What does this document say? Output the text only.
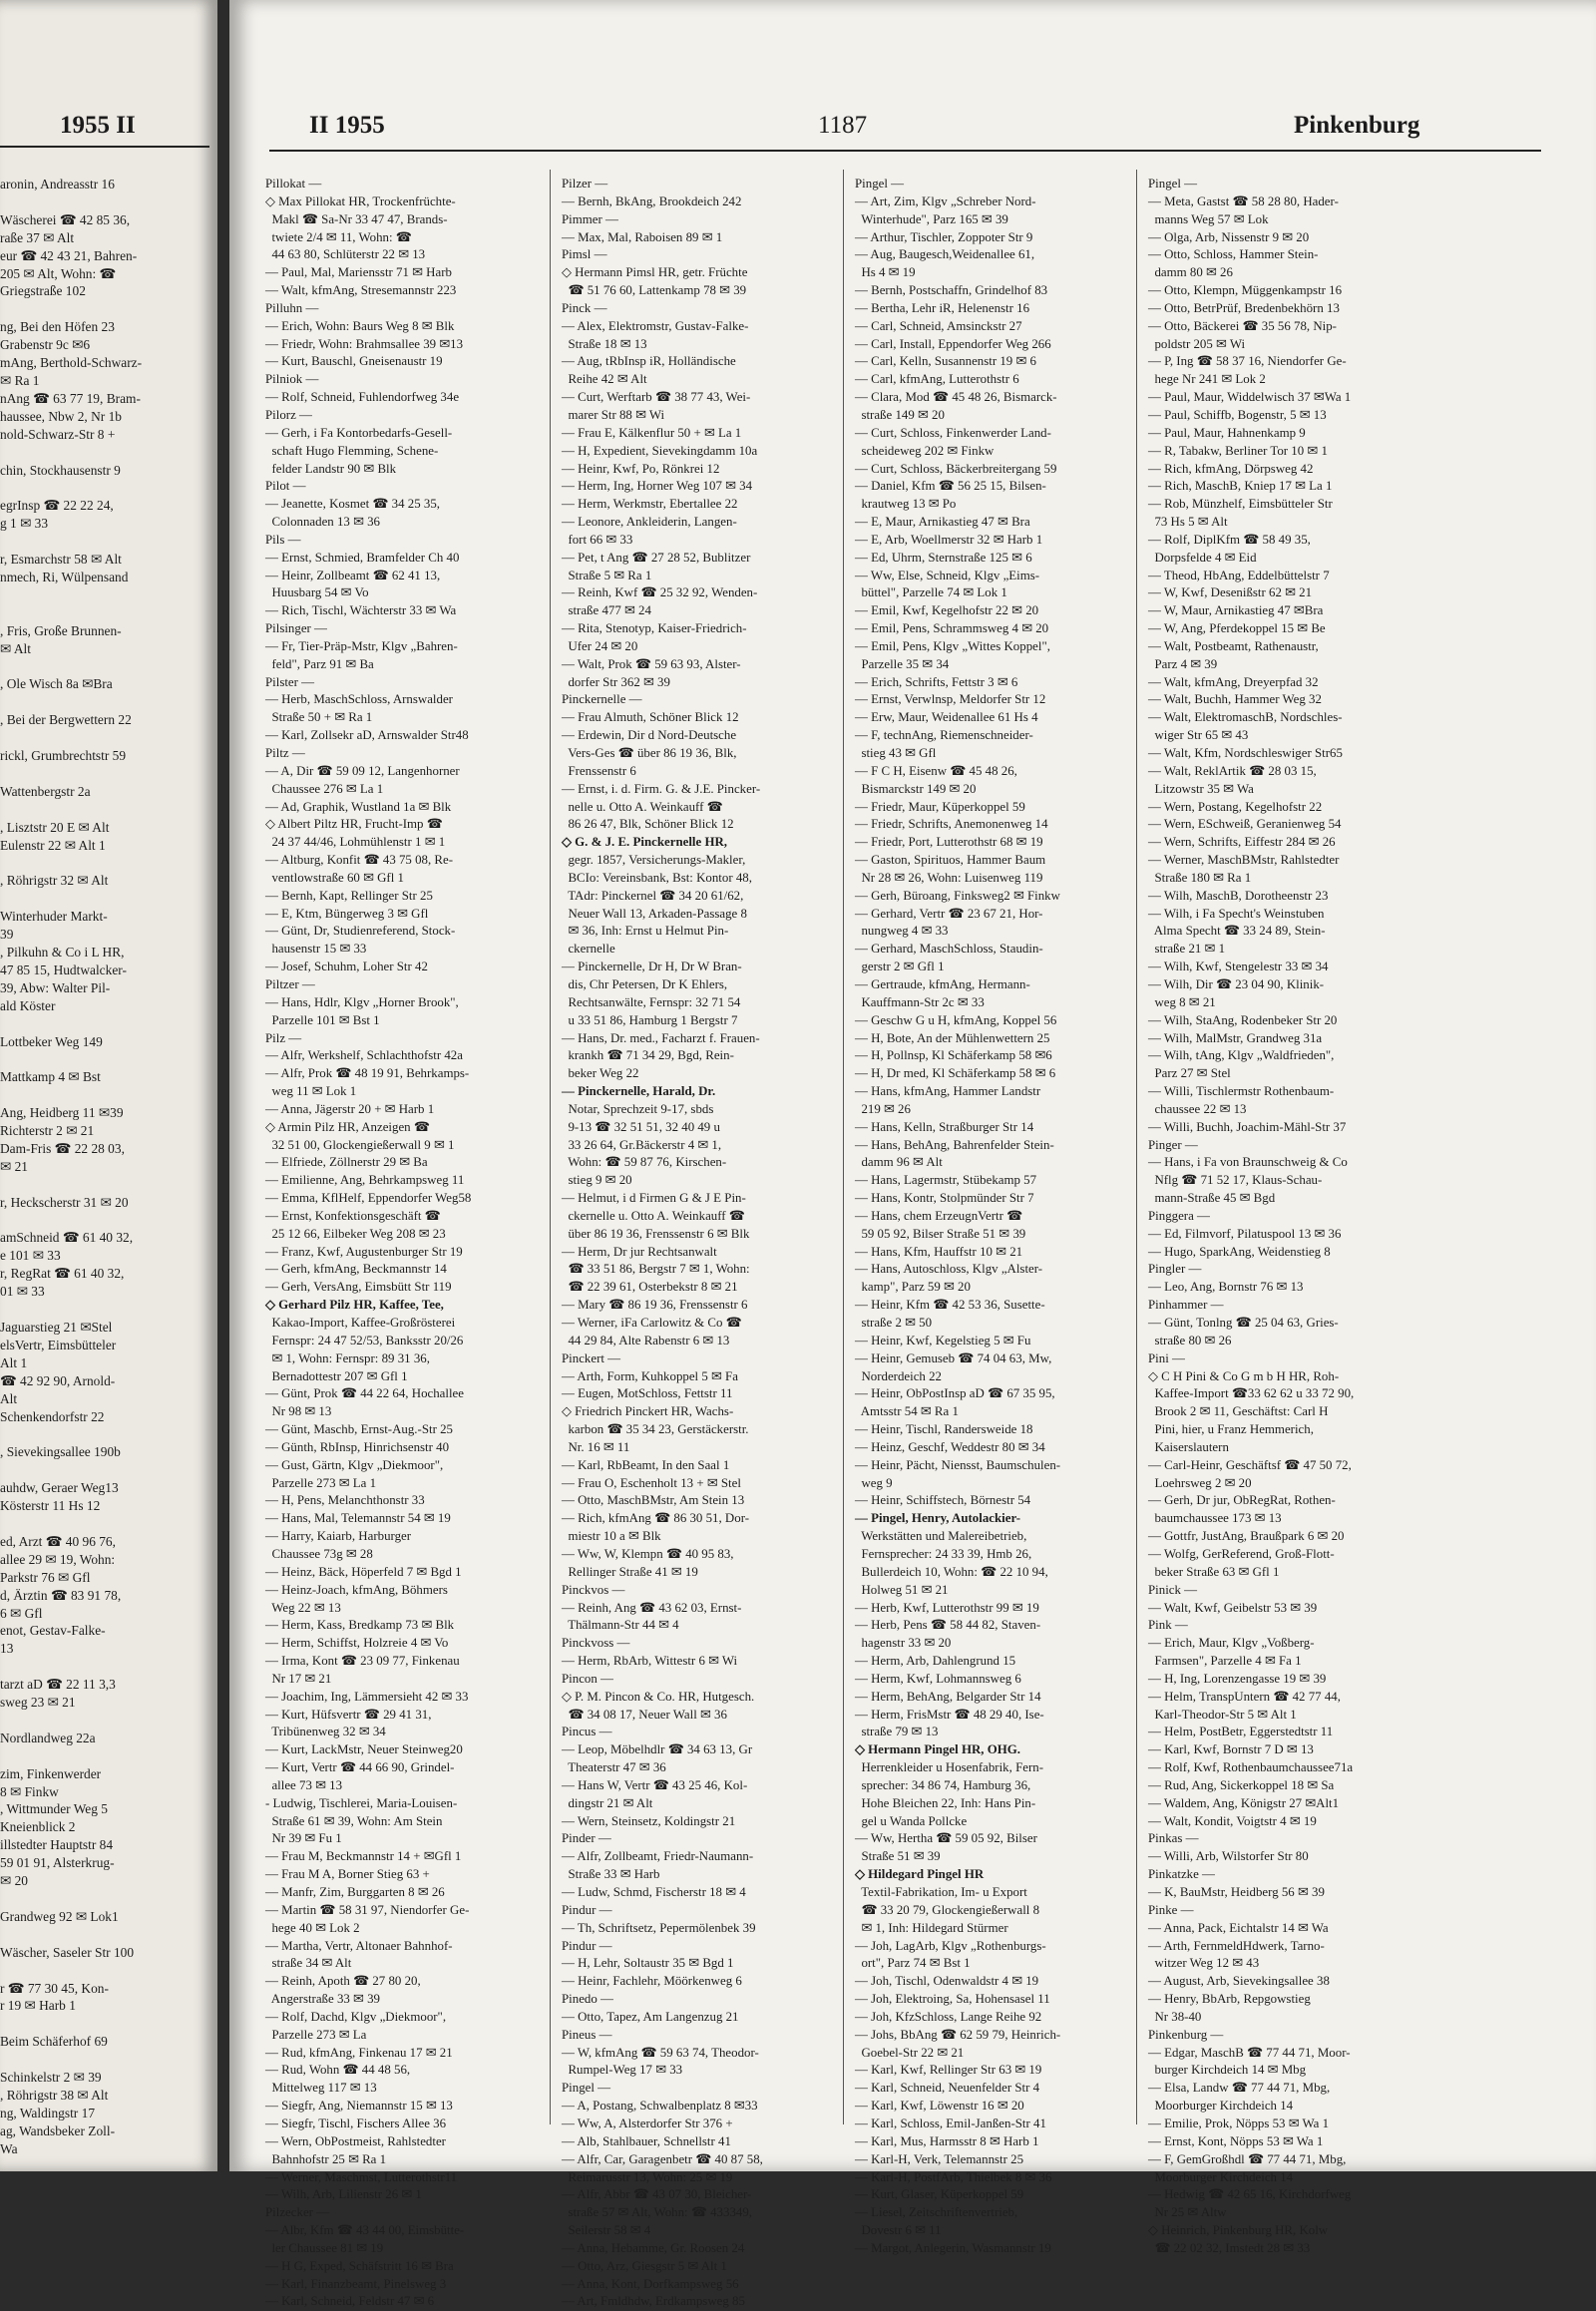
1955 II
aronin, Andreasstr 16

Wäscherei ☎ 42 85 36,
raße 37 ✉ Alt
eur ☎ 42 43 21, Bahren-
205 ✉ Alt, Wohn: ☎
Griegstraße 102

ng, Bei den Höfen 23
Grabenstr 9c ✉6
mAng, Berthold-Schwarz-
✉ Ra 1
nAng ☎ 63 77 19, Bram-
haussee, Nbw 2, Nr 1b
nold-Schwarz-Str 8 +

chin, Stockhausenstr 9

egrInsp ☎ 22 22 24,
g 1 ✉ 33

r, Esmarchstr 58 ✉ Alt
nmech, Ri, Wülpensand

, Fris, Große Brunnen-
✉ Alt

, Ole Wisch 8a ✉Bra

, Bei der Bergwettern 22

rickl, Grumbrechtstr 59

Wattenbergstr 2a

, Lisztstr 20 E ✉ Alt
Eulenstr 22 ✉ Alt 1

, Röhrigstr 32 ✉ Alt

Winterhuder Markt-
39
, Pilkuhn & Co i L HR,
47 85 15, Hudtwalcker-
39, Abw: Walter Pil-
ald Köster

Lottbeker Weg 149

Mattkamp 4 ✉ Bst

Ang, Heidberg 11 ✉39
Richterstr 2 ✉ 21
Dam-Fris ☎ 22 28 03,
✉ 21

r, Heckscherstr 31 ✉ 20

amSchneid ☎ 61 40 32,
e 101 ✉ 33
r, RegRat ☎ 61 40 32,
01 ✉ 33

Jaguarstieg 21 ✉Stel
elsVertr, Eimsbütteler
Alt 1
☎ 42 92 90, Arnold-
Alt
Schenkendorfstr 22

, Sievekingsallee 190b

auhdw, Geraer Weg13
Kösterstr 11 Hs 12

ed, Arzt ☎ 40 96 76,
allee 29 ✉ 19, Wohn:
Parkstr 76 ✉ Gfl
d, Ärztin ☎ 83 91 78,
6 ✉ Gfl
enot, Gestav-Falke-
13

tarzt aD ☎ 22 11 3,3
sweg 23 ✉ 21

Nordlandweg 22a

zim, Finkenwerder
8 ✉ Finkw
, Wittmunder Weg 5
Kneienblick 2
illstedter Hauptstr 84
59 01 91, Alsterkrug-
✉ 20

Grandweg 92 ✉ Lok1

Wäscher, Saseler Str 100

r ☎ 77 30 45, Kon-
r 19 ✉ Harb 1

Beim Schäferhof 69

Schinkelstr 2 ✉ 39
, Röhrigstr 38 ✉ Alt
ng, Waldingstr 17
ag, Wandsbeker Zoll-
Wa
II 1955	1187	Pinkenburg
Pillokat —
◇ Max Pillokat HR, Trockenfrüchte-
Makl ☎ Sa-Nr 33 47 47, Brands-
twiete 2/4 ✉ 11, Wohn: ☎
44 63 80, Schlüterstr 22 ✉ 13
— Paul, Mal, Mariensstr 71 ✉ Harb
— Walt, kfmAng, Stresemannstr 223
Pilluhn —
— Erich, Wohn: Baurs Weg 8 ✉ Blk
— Friedr, Wohn: Brahmsallee 39 ✉13
— Kurt, Bauschl, Gneisenaustr 19
Pilniok —
— Rolf, Schneid, Fuhlendorfweg 34e
Pilorz —
— Gerh, i Fa Kontorbedarfs-Gesell-
schaft Hugo Flemming, Schene-
felder Landstr 90 ✉ Blk
Pilot —
— Jeanette, Kosmet ☎ 34 25 35,
Colonnaden 13 ✉ 36
Pils —
— Ernst, Schmied, Bramfelder Ch 40
— Heinr, Zollbeamt ☎ 62 41 13,
Huusbarg 54 ✉ Vo
— Rich, Tischl, Wächterstr 33 ✉ Wa
Pilsinger —
— Fr, Tier-Präp-Mstr, Klgv „Bahren-
feld", Parz 91 ✉ Ba
Pilster —
— Herb, MaschSchloss, Arnswalder
Straße 50 + ✉ Ra 1
— Karl, Zollsekr aD, Arnswalder Str48
Piltz —
— A, Dir ☎ 59 09 12, Langenhorner
Chaussee 276 ✉ La 1
— Ad, Graphik, Wustland 1a ✉ Blk
◇ Albert Piltz HR, Frucht-Imp ☎
24 37 44/46, Lohmühlenstr 1 ✉ 1
— Altburg, Konfit ☎ 43 75 08, Re-
ventlowstraße 60 ✉ Gfl 1
— Bernh, Kapt, Rellinger Str 25
— E, Ktm, Büngerweg 3 ✉ Gfl
— Günt, Dr, Studienreferend, Stock-
hausenstr 15 ✉ 33
— Josef, Schuhm, Loher Str 42
Piltzer —
— Hans, Hdlr, Klgv „Horner Brook",
Parzelle 101 ✉ Bst 1
Pilz —
— Alfr, Werkshelf, Schlachthofstr 42a
— Alfr, Prok ☎ 48 19 91, Behrkamps-
weg 11 ✉ Lok 1
— Anna, Jägerstr 20 + ✉ Harb 1
◇ Armin Pilz HR, Anzeigen ☎
32 51 00, Glockengießerwall 9 ✉ 1
— Elfriede, Zöllnerstr 29 ✉ Ba
— Emilienne, Ang, Behrkampsweg 11
— Emma, KflHelf, Eppendorfer Weg58
— Ernst, Konfektionsgeschäft ☎
25 12 66, Eilbeker Weg 208 ✉ 23
— Franz, Kwf, Augustenburger Str 19
— Gerh, kfmAng, Beckmannstr 14
— Gerh, VersAng, Eimsbütt Str 119
◇ Gerhard Pilz HR, Kaffee, Tee,
Kakao-Import, Kaffee-Großrösterei
Fernspr: 24 47 52/53, Banksstr 20/26
✉ 1, Wohn: Fernspr: 89 31 36,
Bernadottestr 207 ✉ Gfl 1
— Günt, Prok ☎ 44 22 64, Hochallee
Nr 98 ✉ 13
— Günt, Maschb, Ernst-Aug.-Str 25
— Günth, RbInsp, Hinrichsenstr 40
— Gust, Gärtn, Klgv „Diekmoor",
Parzelle 273 ✉ La 1
— H, Pens, Melanchthonstr 33
— Hans, Mal, Telemannstr 54 ✉ 19
— Harry, Kaiarb, Harburger
Chaussee 73g ✉ 28
— Heinz, Bäck, Höperfeld 7 ✉ Bgd 1
— Heinz-Joach, kfmAng, Böhmers
Weg 22 ✉ 13
— Herm, Kass, Bredkamp 73 ✉ Blk
— Herm, Schiffst, Holzreie 4 ✉ Vo
— Irma, Kont ☎ 23 09 77, Finkenau
Nr 17 ✉ 21
— Joachim, Ing, Lämmersieht 42 ✉ 33
— Kurt, Hüfsvertr ☎ 29 41 31,
Tribünenweg 32 ✉ 34
— Kurt, LackMstr, Neuer Steinweg20
— Kurt, Vertr ☎ 44 66 90, Grindel-
allee 73 ✉ 13
- Ludwig, Tischlerei, Maria-Louisen-
Straße 61 ✉ 39, Wohn: Am Stein
Nr 39 ✉ Fu 1
— Frau M, Beckmannstr 14 + ✉Gfl 1
— Frau M A, Borner Stieg 63 +
— Manfr, Zim, Burggarten 8 ✉ 26
— Martin ☎ 58 31 97, Niendorfer Ge-
hege 40 ✉ Lok 2
— Martha, Vertr, Altonaer Bahnhof-
straße 34 ✉ Alt
— Reinh, Apoth ☎ 27 80 20,
Angerstraße 33 ✉ 39
— Rolf, Dachd, Klgv „Diekmoor",
Parzelle 273 ✉ La
— Rud, kfmAng, Finkenau 17 ✉ 21
— Rud, Wohn ☎ 44 48 56,
Mittelweg 117 ✉ 13
— Siegfr, Ang, Niemannstr 15 ✉ 13
— Siegfr, Tischl, Fischers Allee 36
— Wern, ObPostmeist, Rahlstedter
Bahnhofstr 25 ✉ Ra 1
— Werner, Maschmst, Lutterothstr11
— Wilh, Arb, Lilienstr 26 ✉ 1
Pilzecker —
— Albr, Kfm ☎ 43 44 00, Eimsbütte-
ler Chaussee 81 ✉ 19
— H G, Exped, Schäfstritt 16 ✉ Bra
— Karl, Finanzbeamt, Pinelsweg 3
— Karl, Schneid, Feldstr 47 ✉ 6
Pilzer —
— Bernh, BkAng, Brookdeich 242
Pimmer —
— Max, Mal, Raboisen 89 ✉ 1
Pimsl —
◇ Hermann Pimsl HR, getr. Früchte
☎ 51 76 60, Lattenkamp 78 ✉ 39
Pinck —
— Alex, Elektromstr, Gustav-Falke-
Straße 18 ✉ 13
— Aug, tRbInsp iR, Holländische
Reihe 42 ✉ Alt
— Curt, Werftarb ☎ 38 77 43, Wei-
marer Str 88 ✉ Wi
— Frau E, Kälkenflur 50 + ✉ La 1
— H, Expedient, Sievekingdamm 10a
— Heinr, Kwf, Po, Rönkrei 12
— Herm, Ing, Horner Weg 107 ✉ 34
— Herm, Werkmstr, Ebertallee 22
— Leonore, Ankleiderin, Langen-
fort 66 ✉ 33
— Pet, t Ang ☎ 27 28 52, Bublitzer
Straße 5 ✉ Ra 1
— Reinh, Kwf ☎ 25 32 92, Wenden-
straße 477 ✉ 24
— Rita, Stenotyp, Kaiser-Friedrich-
Ufer 24 ✉ 20
— Walt, Prok ☎ 59 63 93, Alster-
dorfer Str 362 ✉ 39
Pinckernelle —
— Frau Almuth, Schöner Blick 12
— Erdewin, Dir d Nord-Deutsche
Vers-Ges ☎ über 86 19 36, Blk,
Frenssenstr 6
— Ernst, i. d. Firm. G. & J.E. Pincker-
nelle u. Otto A. Weinkauff ☎
86 26 47, Blk, Schöner Blick 12
◇ G. & J. E. Pinckernelle HR,
gegr. 1857, Versicherungs-Makler,
BCIo: Vereinsbank, Bst: Kontor 48,
TAdr: Pinckernel ☎ 34 20 61/62,
Neuer Wall 13, Arkaden-Passage 8
✉ 36, Inh: Ernst u Helmut Pin-
ckernelle
— Pinckernelle, Dr H, Dr W Bran-
dis, Chr Petersen, Dr K Ehlers,
Rechtsanwälte, Fernspr: 32 71 54
u 33 51 86, Hamburg 1 Bergstr 7
— Hans, Dr. med., Facharzt f. Frauen-
krankh ☎ 71 34 29, Bgd, Rein-
beker Weg 22
— Pinckernelle, Harald, Dr.
Notar, Sprechzeit 9-17, sbds
9-13 ☎ 32 51 51, 32 40 49 u
33 26 64, Gr.Bäckerstr 4 ✉ 1,
Wohn: ☎ 59 87 76, Kirschen-
stieg 9 ✉ 20
— Helmut, i d Firmen G & J E Pin-
ckernelle u. Otto A. Weinkauff ☎
über 86 19 36, Frenssenstr 6 ✉ Blk
— Herm, Dr jur Rechtsanwalt
☎ 33 51 86, Bergstr 7 ✉ 1, Wohn:
☎ 22 39 61, Osterbekstr 8 ✉ 21
— Mary ☎ 86 19 36, Frenssenstr 6
— Werner, iFa Carlowitz & Co ☎
44 29 84, Alte Rabenstr 6 ✉ 13
Pinckert —
— Arth, Form, Kuhkoppel 5 ✉ Fa
— Eugen, MotSchloss, Fettstr 11
◇ Friedrich Pinckert HR, Wachs-
karbon ☎ 35 34 23, Gerstäckerstr.
Nr. 16 ✉ 11
— Karl, RbBeamt, In den Saal 1
— Frau O, Eschenholt 13 + ✉ Stel
— Otto, MaschBMstr, Am Stein 13
— Rich, kfmAng ☎ 86 30 51, Dor-
miestr 10 a ✉ Blk
— Ww, W, Klempn ☎ 40 95 83,
Rellinger Straße 41 ✉ 19
Pinckvos —
— Reinh, Ang ☎ 43 62 03, Ernst-
Thälmann-Str 44 ✉ 4
Pinckvoss —
— Herm, RbArb, Wittestr 6 ✉ Wi
Pincon —
◇ P. M. Pincon & Co. HR, Hutgesch.
☎ 34 08 17, Neuer Wall ✉ 36
Pincus —
— Leop, Möbelhdlr ☎ 34 63 13, Gr
Theaterstr 47 ✉ 36
— Hans W, Vertr ☎ 43 25 46, Kol-
dingstr 21 ✉ Alt
— Wern, Steinsetz, Koldingstr 21
Pinder —
— Alfr, Zollbeamt, Friedr-Naumann-
Straße 33 ✉ Harb
— Ludw, Schmd, Fischerstr 18 ✉ 4
Pindur —
— Th, Schriftsetz, Pepermölenbek 39
Pindur —
— H, Lehr, Soltaustr 35 ✉ Bgd 1
— Heinr, Fachlehr, Möörkenweg 6
Pinedo —
— Otto, Tapez, Am Langenzug 21
Pineus —
— W, kfmAng ☎ 59 63 74, Theodor-
Rumpel-Weg 17 ✉ 33
Pingel —
— A, Postang, Schwalbenplatz 8 ✉33
— Ww, A, Alsterdorfer Str 376 +
— Alb, Stahlbauer, Schnellstr 41
— Alfr, Car, Garagenbetr ☎ 40 87 58,
Reimarusstr 13, Wohn: 25 ✉ 19
— Alfr, Abbr ☎ 43 07 30, Bleicher-
straße 57 ✉ Alt, Wohn: ☎ 433349,
Seilerstr 58 ✉ 4
— Anna, Hebamme, Gr. Roosen 24
— Otto, Arz, Giesgstr 5 ✉ Alt 1
— Anna, Kont, Dorfkampsweg 56
— Art, Fmldhdw, Erdkampsweg 85
Pingel —
— Art, Zim, Klgv „Schreber Nord-
Winterhude", Parz 165 ✉ 39
— Arthur, Tischler, Zoppoter Str 9
— Aug, Baugesch,Weidenallee 61,
Hs 4 ✉ 19
— Bernh, Postschaffn, Grindelhof 83
— Bertha, Lehr iR, Helenenstr 16
— Carl, Schneid, Amsinckstr 27
— Carl, Install, Eppendorfer Weg 266
— Carl, Kelln, Susannenstr 19 ✉ 6
— Carl, kfmAng, Lutterothstr 6
— Clara, Mod ☎ 45 48 26, Bismarck-
straße 149 ✉ 20
— Curt, Schloss, Finkenwerder Land-
scheideweg 202 ✉ Finkw
— Curt, Schloss, Bäckerbreitergang 59
— Daniel, Kfm ☎ 56 25 15, Bilsen-
krautweg 13 ✉ Po
— E, Maur, Arnikastieg 47 ✉ Bra
— E, Arb, Woellmerstr 32 ✉ Harb 1
— Ed, Uhrm, Sternstraße 125 ✉ 6
— Ww, Else, Schneid, Klgv „Eims-
büttel", Parzelle 74 ✉ Lok 1
— Emil, Kwf, Kegelhofstr 22 ✉ 20
— Emil, Pens, Schrammsweg 4 ✉ 20
— Emil, Pens, Klgv „Wittes Koppel",
Parzelle 35 ✉ 34
— Erich, Schrifts, Fettstr 3 ✉ 6
— Ernst, Verwlnsp, Meldorfer Str 12
— Erw, Maur, Weidenallee 61 Hs 4
— F, technAng, Riemenschneider-
stieg 43 ✉ Gfl
— F C H, Eisenw ☎ 45 48 26,
Bismarckstr 149 ✉ 20
— Friedr, Maur, Küperkoppel 59
— Friedr, Schrifts, Anemonenweg 14
— Friedr, Port, Lutterothstr 68 ✉ 19
— Gaston, Spirituos, Hammer Baum
Nr 28 ✉ 26, Wohn: Luisenweg 119
— Gerh, Büroang, Finksweg2 ✉ Finkw
— Gerhard, Vertr ☎ 23 67 21, Hor-
nungweg 4 ✉ 33
— Gerhard, MaschSchloss, Staudin-
gerstr 2 ✉ Gfl 1
— Gertraude, kfmAng, Hermann-
Kauffmann-Str 2c ✉ 33
— Geschw G u H, kfmAng, Koppel 56
— H, Bote, An der Mühlenwettern 25
— H, Pollnsp, Kl Schäferkamp 58 ✉6
— H, Dr med, Kl Schäferkamp 58 ✉ 6
— Hans, kfmAng, Hammer Landstr
219 ✉ 26
— Hans, Kelln, Straßburger Str 14
— Hans, BehAng, Bahrenfelder Stein-
damm 96 ✉ Alt
— Hans, Lagermstr, Stübekamp 57
— Hans, Kontr, Stolpmünder Str 7
— Hans, chem ErzeugnVertr ☎
59 05 92, Bilser Straße 51 ✉ 39
— Hans, Kfm, Hauffstr 10 ✉ 21
— Hans, Autoschloss, Klgv „Alster-
kamp", Parz 59 ✉ 20
— Heinr, Kfm ☎ 42 53 36, Susette-
straße 2 ✉ 50
— Heinr, Kwf, Kegelstieg 5 ✉ Fu
— Heinr, Gemuseb ☎ 74 04 63, Mw,
Norderdeich 22
— Heinr, ObPostInsp aD ☎ 67 35 95,
Amtsstr 54 ✉ Ra 1
— Heinr, Tischl, Randersweide 18
— Heinz, Geschf, Weddestr 80 ✉ 34
— Heinr, Pächt, Niensst, Baumschulen-
weg 9
— Heinr, Schiffstech, Börnestr 54
— Pingel, Henry, Autolackier-
Werkstätten und Malereibetrieb,
Fernsprecher: 24 33 39, Hmb 26,
Bullerdeich 10, Wohn: ☎ 22 10 94,
Holweg 51 ✉ 21
— Herb, Kwf, Lutterothstr 99 ✉ 19
— Herb, Pens ☎ 58 44 82, Staven-
hagenstr 33 ✉ 20
— Herm, Arb, Dahlengrund 15
— Herm, Kwf, Lohmannsweg 6
— Herm, BehAng, Belgarder Str 14
— Herm, FrisMstr ☎ 48 29 40, Ise-
straße 79 ✉ 13
◇ Hermann Pingel HR, OHG.
Herrenkleider u Hosenfabrik, Fern-
sprecher: 34 86 74, Hamburg 36,
Hohe Bleichen 22, Inh: Hans Pin-
gel u Wanda Pollcke
— Ww, Hertha ☎ 59 05 92, Bilser
Straße 51 ✉ 39
◇ Hildegard Pingel HR
Textil-Fabrikation, Im- u Export
☎ 33 20 79, Glockengießerwall 8
✉ 1, Inh: Hildegard Stürmer
— Joh, LagArb, Klgv „Rothenburgs-
ort", Parz 74 ✉ Bst 1
— Joh, Tischl, Odenwaldstr 4 ✉ 19
— Joh, Elektroing, Sa, Hohensasel 11
— Joh, KfzSchloss, Lange Reihe 92
— Johs, BbAng ☎ 62 59 79, Heinrich-
Goebel-Str 22 ✉ 21
— Karl, Kwf, Rellinger Str 63 ✉ 19
— Karl, Schneid, Neuenfelder Str 4
— Karl, Kwf, Löwenstr 16 ✉ 20
— Karl, Schloss, Emil-Janßen-Str 41
— Karl, Mus, Harmsstr 8 ✉ Harb 1
— Karl-H, Verk, Telemannstr 25
— Karl-H, PostfArb, Thielbek 8 ✉ 36
— Kurt, Glaser, Küperkoppel 59
— Liesel, Zeitschriftenvertrieb,
Dovestr 6 ✉ 11
— Margot, Anlegerin, Wasmannstr 19
Pingel —
— Meta, Gastst ☎ 58 28 80, Hader-
manns Weg 57 ✉ Lok
— Olga, Arb, Nissenstr 9 ✉ 20
— Otto, Schloss, Hammer Stein-
damm 80 ✉ 26
— Otto, Klempn, Müggenkampstr 16
— Otto, BetrPrüf, Bredenbekhörn 13
— Otto, Bäckerei ☎ 35 56 78, Nip-
poldstr 205 ✉ Wi
— P, Ing ☎ 58 37 16, Niendorfer Ge-
hege Nr 241 ✉ Lok 2
— Paul, Maur, Widdelwisch 37 ✉Wa 1
— Paul, Schiffb, Bogenstr, 5 ✉ 13
— Paul, Maur, Hahnenkamp 9
— R, Tabakw, Berliner Tor 10 ✉ 1
— Rich, kfmAng, Dörpsweg 42
— Rich, MaschB, Kniep 17 ✉ La 1
— Rob, Münzhelf, Eimsbütteler Str
73 Hs 5 ✉ Alt
— Rolf, DiplKfm ☎ 58 49 35,
Dorpsfelde 4 ✉ Eid
— Theod, HbAng, Eddelbüttelstr 7
— W, Kwf, Desenißstr 62 ✉ 21
— W, Maur, Arnikastieg 47 ✉Bra
— W, Ang, Pferdekoppel 15 ✉ Be
— Walt, Postbeamt, Rathenaustr,
Parz 4 ✉ 39
— Walt, kfmAng, Dreyerpfad 32
— Walt, Buchh, Hammer Weg 32
— Walt, ElektromaschB, Nordschles-
wiger Str 65 ✉ 43
— Walt, Kfm, Nordschleswiger Str65
— Walt, ReklArtik ☎ 28 03 15,
Litzowstr 35 ✉ Wa
— Wern, Postang, Kegelhofstr 22
— Wern, ESchweiß, Geranienweg 54
— Wern, Schrifts, Eiffestr 284 ✉ 26
— Werner, MaschBMstr, Rahlstedter
Straße 180 ✉ Ra 1
— Wilh, MaschB, Dorotheenstr 23
— Wilh, i Fa Specht's Weinstuben
Alma Specht ☎ 33 24 89, Stein-
straße 21 ✉ 1
— Wilh, Kwf, Stengelestr 33 ✉ 34
— Wilh, Dir ☎ 23 04 90, Klinik-
weg 8 ✉ 21
— Wilh, StaAng, Rodenbeker Str 20
— Wilh, MalMstr, Grandweg 31a
— Wilh, tAng, Klgv „Waldfrieden",
Parz 27 ✉ Stel
— Willi, Tischlermstr Rothenbaum-
chaussee 22 ✉ 13
— Willi, Buchh, Joachim-Mähl-Str 37
Pinger —
— Hans, i Fa von Braunschweig & Co
Nflg ☎ 71 52 17, Klaus-Schau-
mann-Straße 45 ✉ Bgd
Pinggera —
— Ed, Filmvorf, Pilatuspool 13 ✉ 36
— Hugo, SparkAng, Weidenstieg 8
Pingler —
— Leo, Ang, Bornstr 76 ✉ 13
Pinhammer —
— Günt, Tonlng ☎ 25 04 63, Gries-
straße 80 ✉ 26
Pini —
◇ C H Pini & Co G m b H HR, Roh-
Kaffee-Import ☎33 62 62 u 33 72 90,
Brook 2 ✉ 11, Geschäftst: Carl H
Pini, hier, u Franz Hemmerich,
Kaiserslautern
— Carl-Heinr, Geschäftsf ☎ 47 50 72,
Loehrsweg 2 ✉ 20
— Gerh, Dr jur, ObRegRat, Rothen-
baumchaussee 173 ✉ 13
— Gottfr, JustAng, Braußpark 6 ✉ 20
— Wolfg, GerReferend, Groß-Flott-
beker Straße 63 ✉ Gfl 1
Pinick —
— Walt, Kwf, Geibelstr 53 ✉ 39
Pink —
— Erich, Maur, Klgv „Voßberg-
Farmsen", Parzelle 4 ✉ Fa 1
— H, Ing, Lorenzengasse 19 ✉ 39
— Helm, TranspUntern ☎ 42 77 44,
Karl-Theodor-Str 5 ✉ Alt 1
— Helm, PostBetr, Eggerstedtstr 11
— Karl, Kwf, Bornstr 7 D ✉ 13
— Rolf, Kwf, Rothenbaumchaussee71a
— Rud, Ang, Sickerkoppel 18 ✉ Sa
— Waldem, Ang, Königstr 27 ✉Alt1
— Walt, Kondit, Voigtstr 4 ✉ 19
Pinkas —
— Willi, Arb, Wilstorfer Str 80
Pinkatzke —
— K, BauMstr, Heidberg 56 ✉ 39
Pinke —
— Anna, Pack, Eichtalstr 14 ✉ Wa
— Arth, FernmeldHdwerk, Tarno-
witzer Weg 12 ✉ 43
— August, Arb, Sievekingsallee 38
— Henry, BbArb, Repgowstieg
Nr 38-40
Pinkenburg —
— Edgar, MaschB ☎ 77 44 71, Moor-
burger Kirchdeich 14 ✉ Mbg
— Elsa, Landw ☎ 77 44 71, Mbg,
Moorburger Kirchdeich 14
— Emilie, Prok, Nöpps 53 ✉ Wa 1
— Ernst, Kont, Nöpps 53 ✉ Wa 1
— F, GemGroßhdl ☎ 77 44 71, Mbg,
Moorburger Kirchdeich 14
— Hedwig ☎ 42 65 16, Kirchdorfweg
Nr 25 ✉ Altw
◇ Heinrich, Pinkenburg HR, Kolw
☎ 22 02 32, Imstedt 28 ✉ 33
